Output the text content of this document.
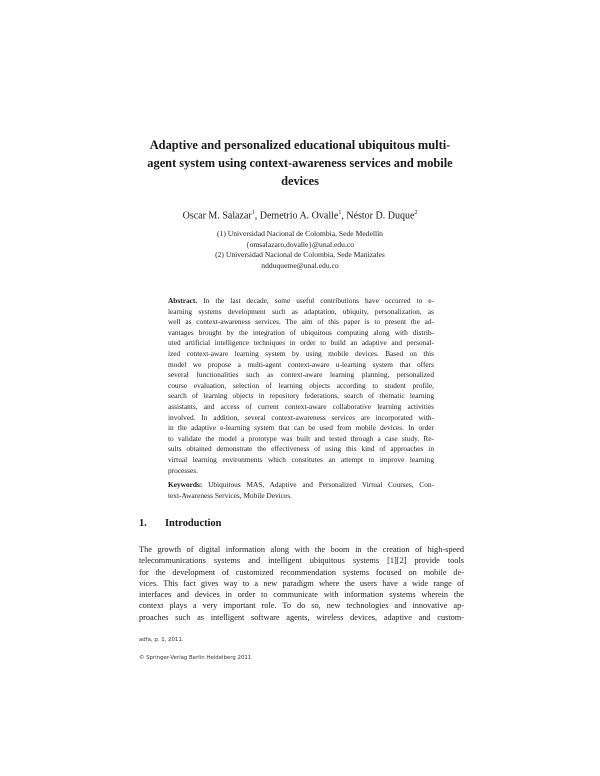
Adaptive and personalized educational ubiquitous multi-
agent system using context-awareness services and mobile
devices
Oscar M. Salazar$^1$, Demetrio A. Ovalle$^1$, Néstor D. Duque$^2$
(1) Universidad Nacional de Colombia, Sede Medellín
{omsalazaro,dovalle}@unal.edu.co
(2) Universidad Nacional de Colombia, Sede Manizales
ndduqueme@unal.edu.co
Abstract. In the last decade, some useful contributions have occurred to e-
learning systems development such as adaptation, ubiquity, personalization, as
well as context-awareness services. The aim of this paper is to present the ad-
vantages brought by the integration of ubiquitous computing along with distrib-
uted artificial intelligence techniques in order to build an adaptive and personal-
ized context-aware learning system by using mobile devices. Based on this
model we propose a multi-agent context-aware u-learning system that offers
several functionalities such as context-aware learning planning, personalized
course evaluation, selection of learning objects according to student profile,
search of learning objects in repository federations, search of thematic learning
assistants, and access of current context-aware collaborative learning activities
involved. In addition, several context-awareness services are incorporated with-
in the adaptive e-learning system that can be used from mobile devices. In order
to validate the model a prototype was built and tested through a case study. Re-
sults obtained demonstrate the effectiveness of using this kind of approaches in
virtual learning environments which constitutes an attempt to improve learning
processes.
Keywords: Ubiquitous MAS, Adaptive and Personalized Virtual Courses, Con-
text-Awareness Services, Mobile Devices.
1. Introduction
The growth of digital information along with the boom in the creation of high-speed
telecommunications systems and intelligent ubiquitous systems [1][2] provide tools
for the development of customized recommendation systems focused on mobile de-
vices. This fact gives way to a new paradigm where the users have a wide range of
interfaces and devices in order to communicate with information systems wherein the
context plays a very important role. To do so, new technologies and innovative ap-
proaches such as intelligent software agents, wireless devices, adaptive and custom-
adfa, p. 1, 2011.
© Springer-Verlag Berlin Heidelberg 2011
